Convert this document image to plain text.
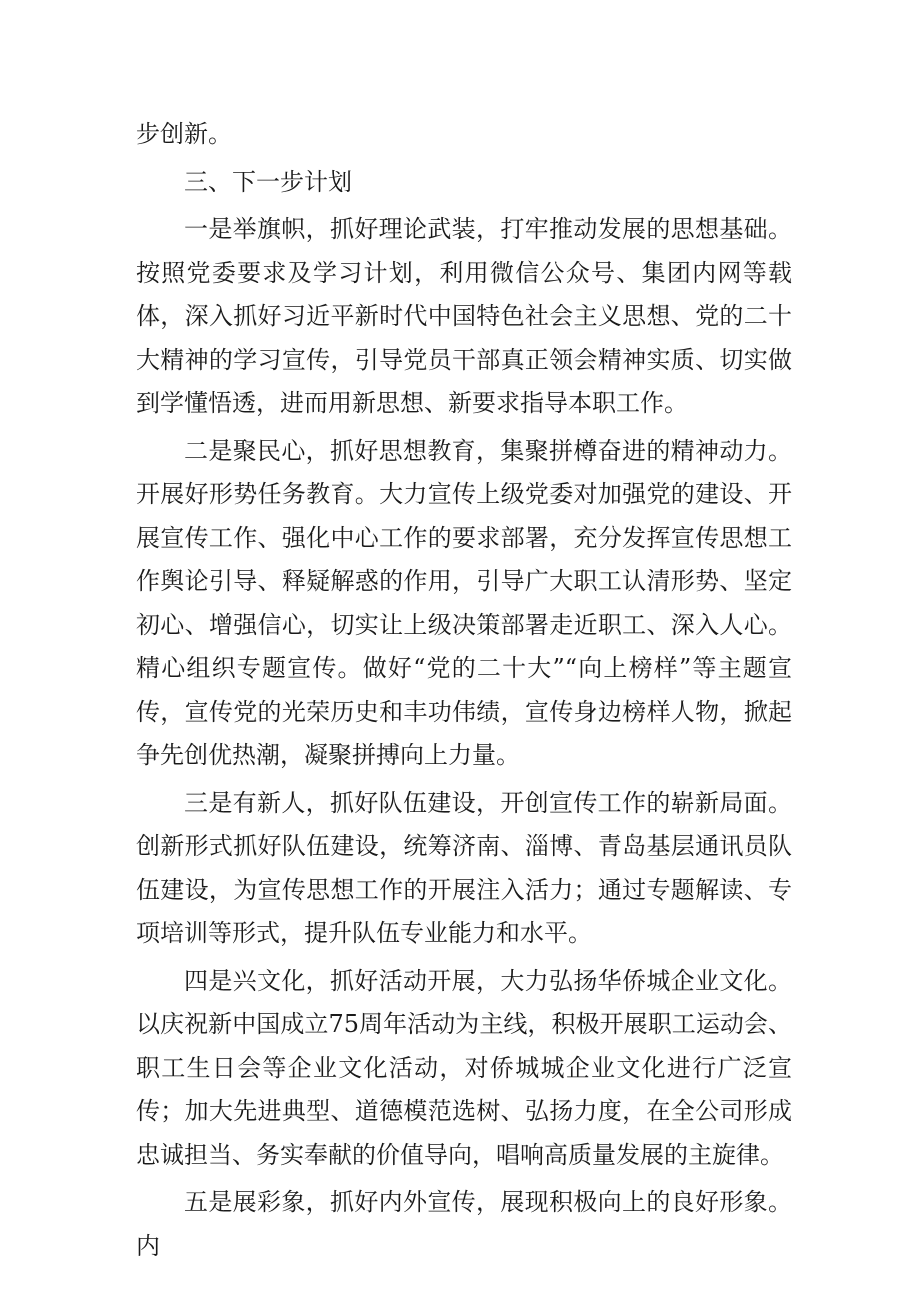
步创新。

三、下一步计划

一是举旗帜，抓好理论武装，打牢推动发展的思想基础。按照党委要求及学习计划，利用微信公众号、集团内网等载体，深入抓好习近平新时代中国特色社会主义思想、党的二十大精神的学习宣传，引导党员干部真正领会精神实质、切实做到学懂悟透，进而用新思想、新要求指导本职工作。

二是聚民心，抓好思想教育，集聚拼樽奋进的精神动力。开展好形势任务教育。大力宣传上级党委对加强党的建设、开展宣传工作、强化中心工作的要求部署，充分发挥宣传思想工作舆论引导、释疑解惑的作用，引导广大职工认清形势、坚定初心、增强信心，切实让上级决策部署走近职工、深入人心。精心组织专题宣传。做好“党的二十大”“向上榜样”等主题宣传，宣传党的光荣历史和丰功伟绩，宣传身边榜样人物，掀起争先创优热潮，凝聚拼搏向上力量。

三是有新人，抓好队伍建设，开创宣传工作的崭新局面。创新形式抓好队伍建设，统筹济南、淄博、青岛基层通讯员队伍建设，为宣传思想工作的开展注入活力；通过专题解读、专项培训等形式，提升队伍专业能力和水平。

四是兴文化，抓好活动开展，大力弘扬华侨城企业文化。以庆祝新中国成立75周年活动为主线，积极开展职工运动会、职工生日会等企业文化活动，对侨城城企业文化进行广泛宣传；加大先进典型、道德模范选树、弘扬力度，在全公司形成忠诚担当、务实奉献的价值导向，唱响高质量发展的主旋律。

五是展彩象，抓好内外宣传，展现积极向上的良好形象。内
